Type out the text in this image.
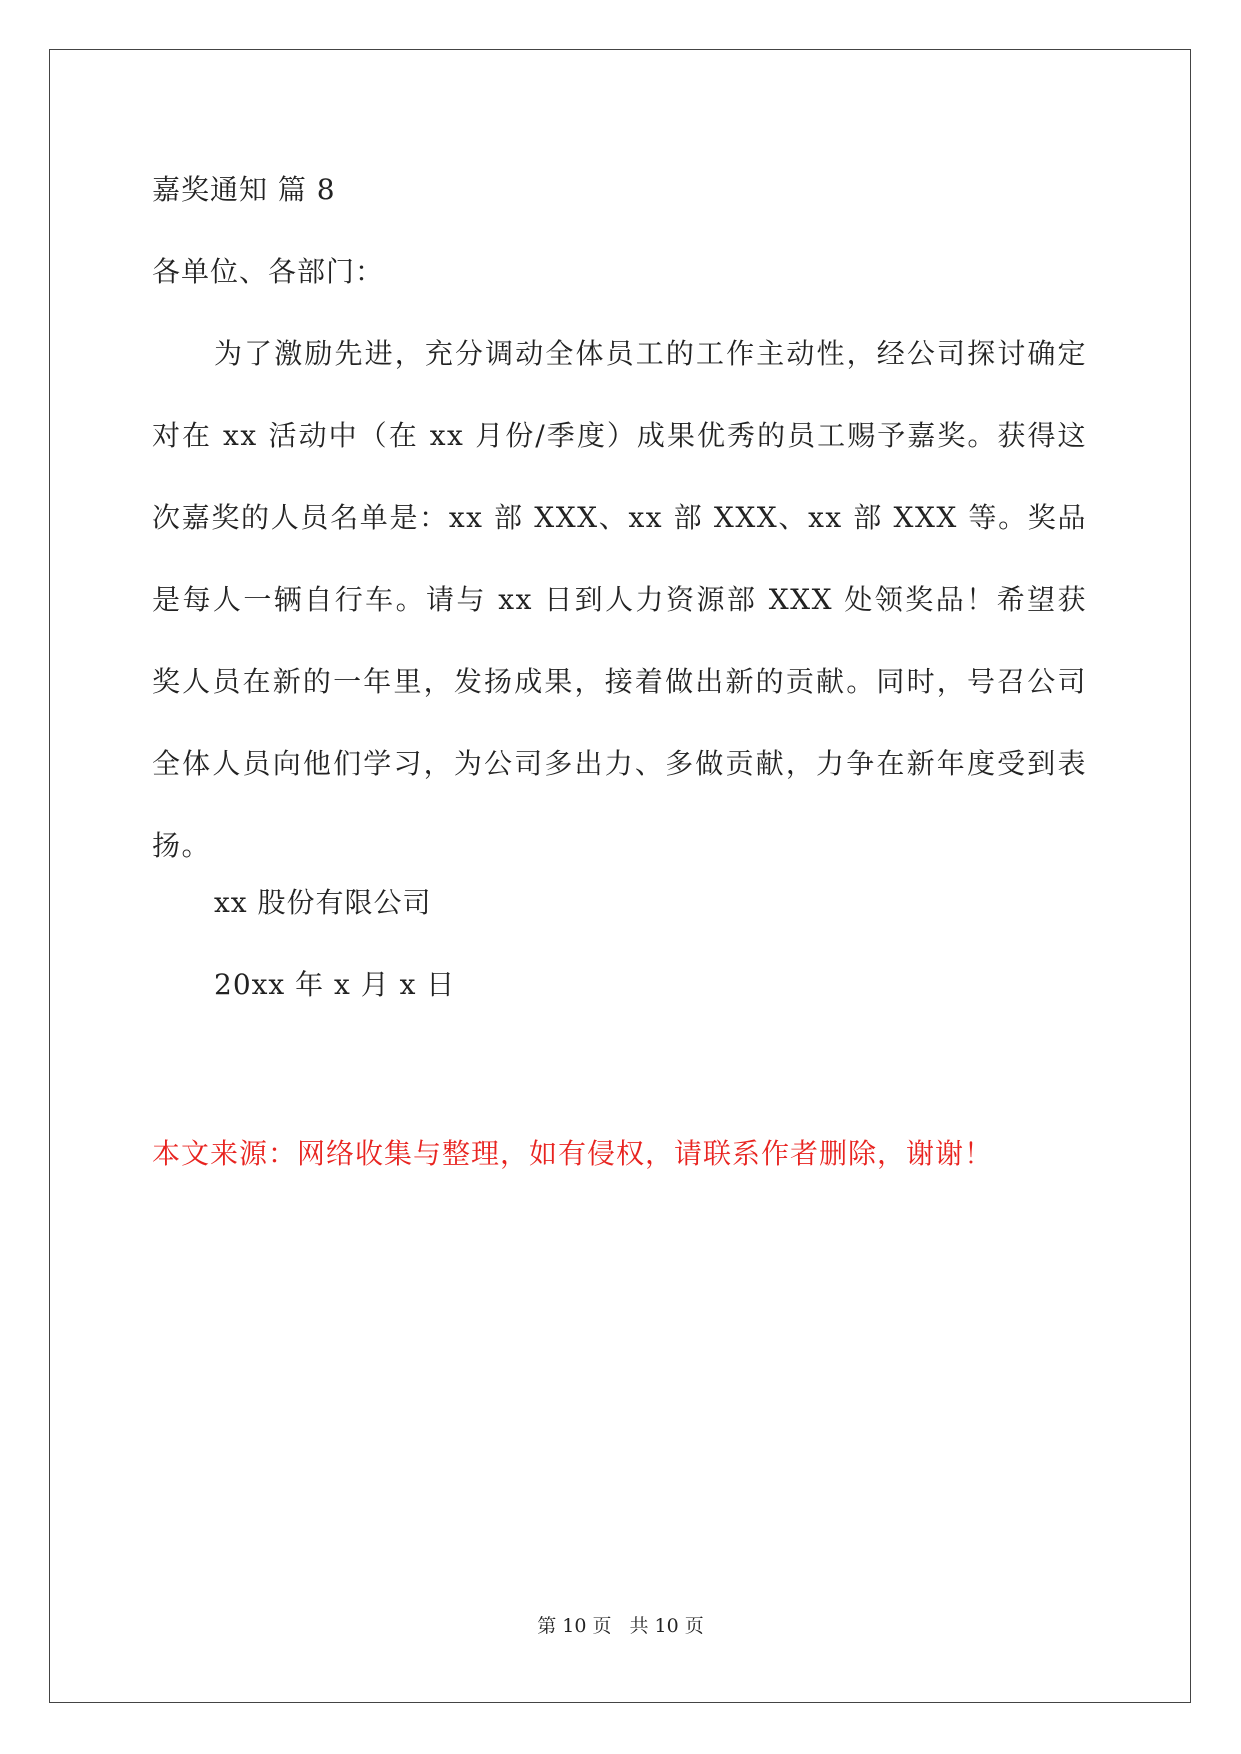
嘉奖通知 篇 8
各单位、各部门：

为了激励先进，充分调动全体员工的工作主动性，经公司探讨确定对在 xx 活动中（在 xx 月份/季度）成果优秀的员工赐予嘉奖。获得这次嘉奖的人员名单是：xx 部 XXX、xx 部 XXX、xx 部 XXX 等。奖品是每人一辆自行车。请与 xx 日到人力资源部 XXX 处领奖品！希望获奖人员在新的一年里，发扬成果，接着做出新的贡献。同时，号召公司全体人员向他们学习，为公司多出力、多做贡献，力争在新年度受到表扬。

xx 股份有限公司
20xx 年 x 月 x 日
本文来源：网络收集与整理，如有侵权，请联系作者删除，谢谢！
第 10 页 共 10 页
